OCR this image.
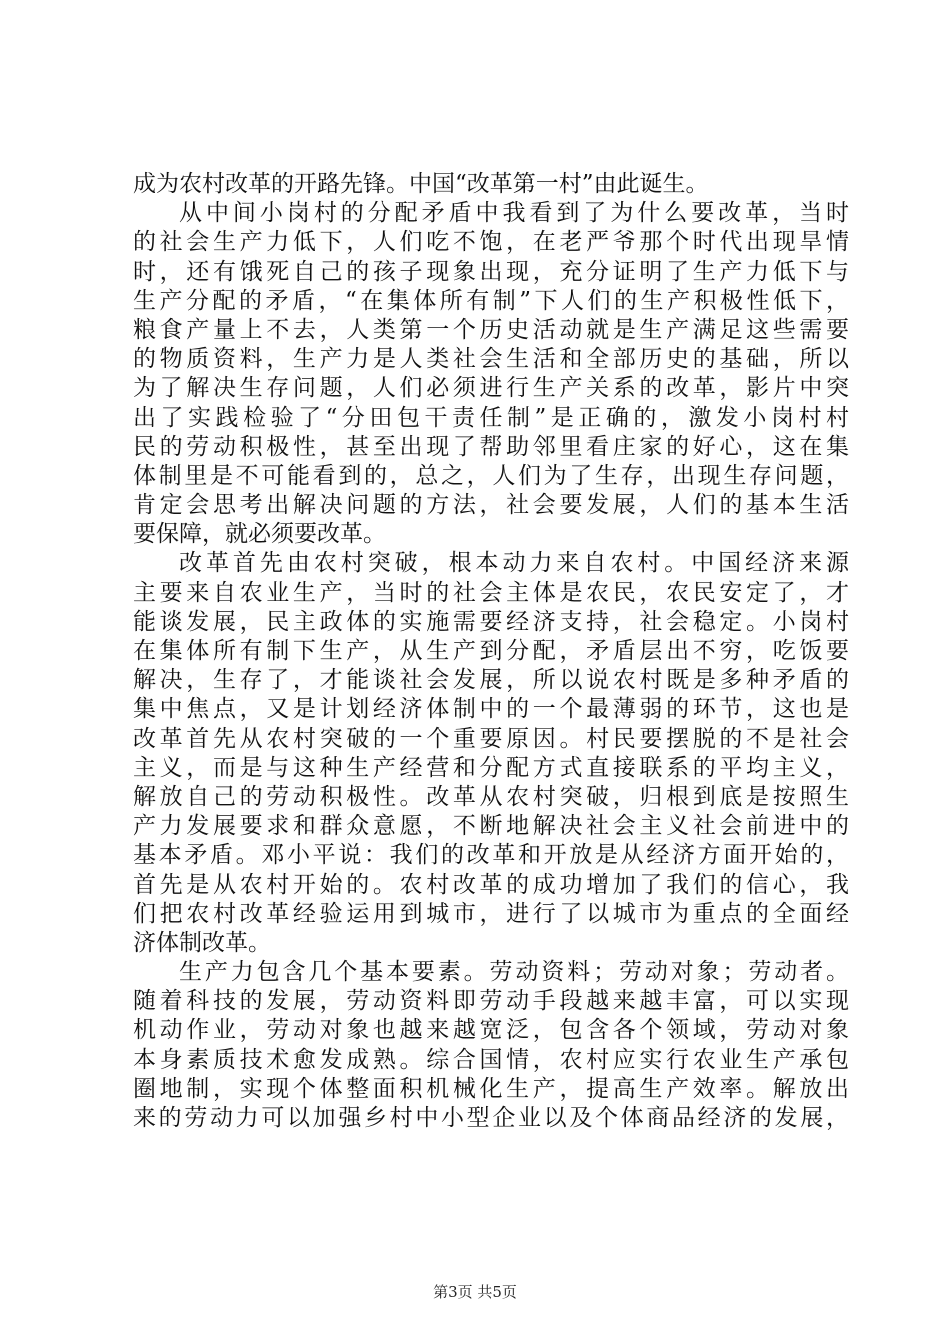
成为农村改革的开路先锋。中国“改革第一村”由此诞生。
从中间小岗村的分配矛盾中我看到了为什么要改革，当时
的社会生产力低下，人们吃不饱，在老严爷那个时代出现旱情
时，还有饿死自己的孩子现象出现，充分证明了生产力低下与
生产分配的矛盾，“在集体所有制”下人们的生产积极性低下，
粮食产量上不去，人类第一个历史活动就是生产满足这些需要
的物质资料，生产力是人类社会生活和全部历史的基础，所以
为了解决生存问题，人们必须进行生产关系的改革，影片中突
出了实践检验了“分田包干责任制”是正确的，激发小岗村村
民的劳动积极性，甚至出现了帮助邻里看庄家的好心，这在集
体制里是不可能看到的，总之，人们为了生存，出现生存问题，
肯定会思考出解决问题的方法，社会要发展，人们的基本生活
要保障，就必须要改革。
改革首先由农村突破，根本动力来自农村。中国经济来源
主要来自农业生产，当时的社会主体是农民，农民安定了，才
能谈发展，民主政体的实施需要经济支持，社会稳定。小岗村
在集体所有制下生产，从生产到分配，矛盾层出不穷，吃饭要
解决，生存了，才能谈社会发展，所以说农村既是多种矛盾的
集中焦点，又是计划经济体制中的一个最薄弱的环节，这也是
改革首先从农村突破的一个重要原因。村民要摆脱的不是社会
主义，而是与这种生产经营和分配方式直接联系的平均主义，
解放自己的劳动积极性。改革从农村突破，归根到底是按照生
产力发展要求和群众意愿，不断地解决社会主义社会前进中的
基本矛盾。邓小平说：我们的改革和开放是从经济方面开始的，
首先是从农村开始的。农村改革的成功增加了我们的信心，我
们把农村改革经验运用到城市，进行了以城市为重点的全面经
济体制改革。
生产力包含几个基本要素。劳动资料；劳动对象；劳动者。
随着科技的发展，劳动资料即劳动手段越来越丰富，可以实现
机动作业，劳动对象也越来越宽泛，包含各个领域，劳动对象
本身素质技术愈发成熟。综合国情，农村应实行农业生产承包
圈地制，实现个体整面积机械化生产，提高生产效率。解放出
来的劳动力可以加强乡村中小型企业以及个体商品经济的发展，
第3页 共5页
